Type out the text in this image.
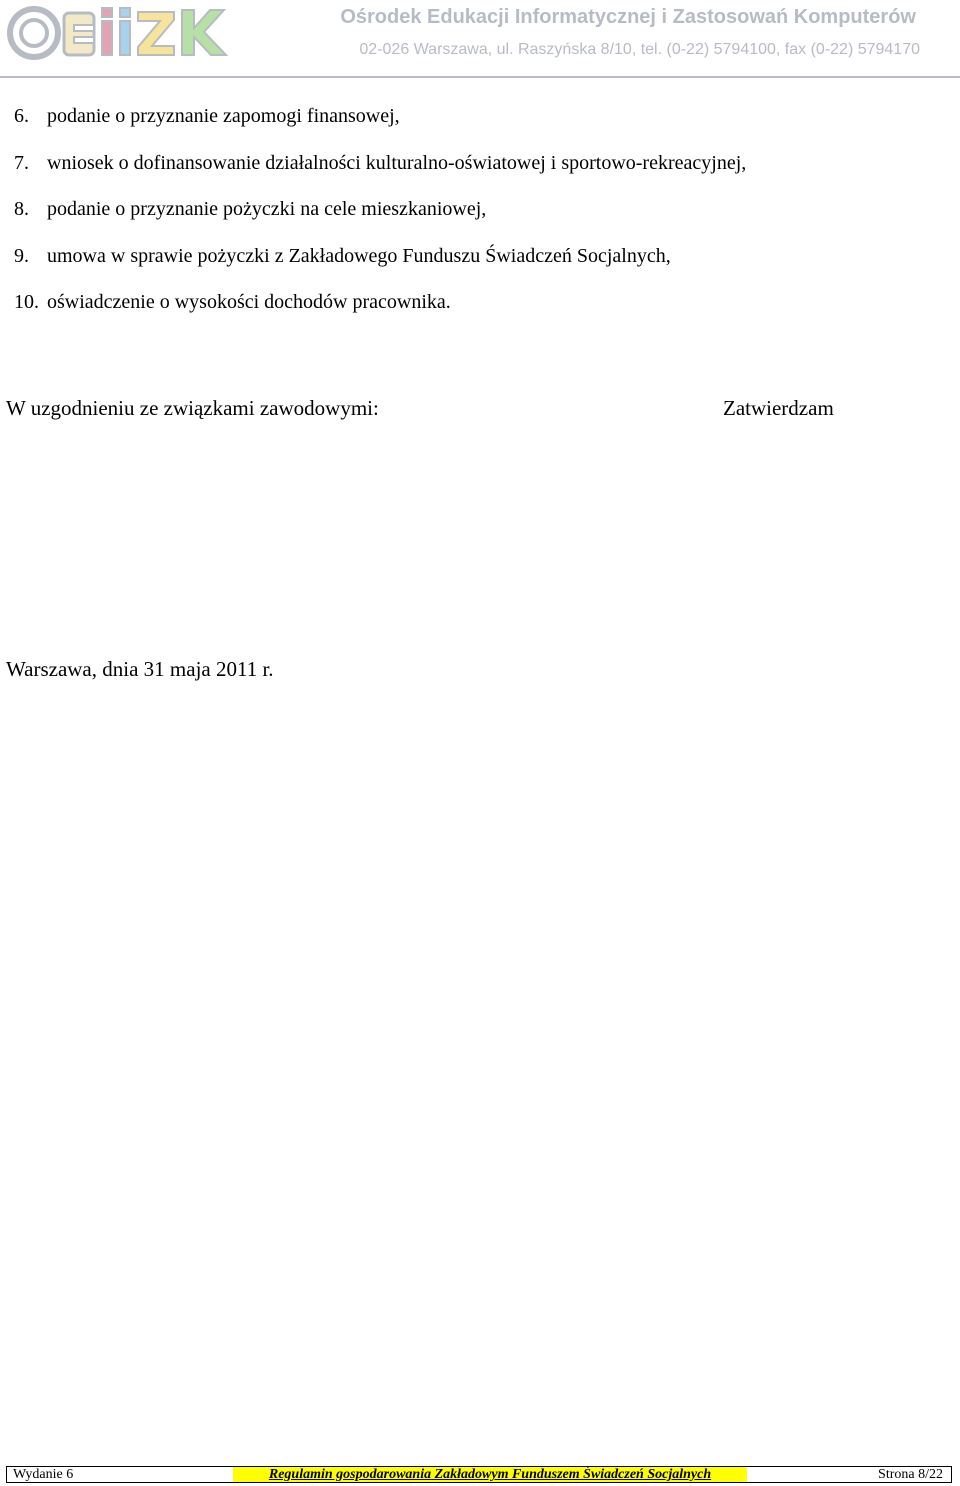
Ośrodek Edukacji Informatycznej i Zastosowań Komputerów
02-026 Warszawa, ul. Raszyńska 8/10, tel. (0-22) 5794100, fax (0-22) 5794170
6. podanie o przyznanie zapomogi finansowej,
7. wniosek o dofinansowanie działalności kulturalno-oświatowej i sportowo-rekreacyjnej,
8. podanie o przyznanie pożyczki na cele mieszkaniowej,
9. umowa w sprawie pożyczki z Zakładowego Funduszu Świadczeń Socjalnych,
10. oświadczenie o wysokości dochodów pracownika.
W uzgodnieniu ze związkami zawodowymi:	Zatwierdzam
Warszawa, dnia 31 maja 2011 r.
Wydanie 6	Regulamin gospodarowania Zakładowym Funduszem Świadczeń Socjalnych	Strona 8/22
